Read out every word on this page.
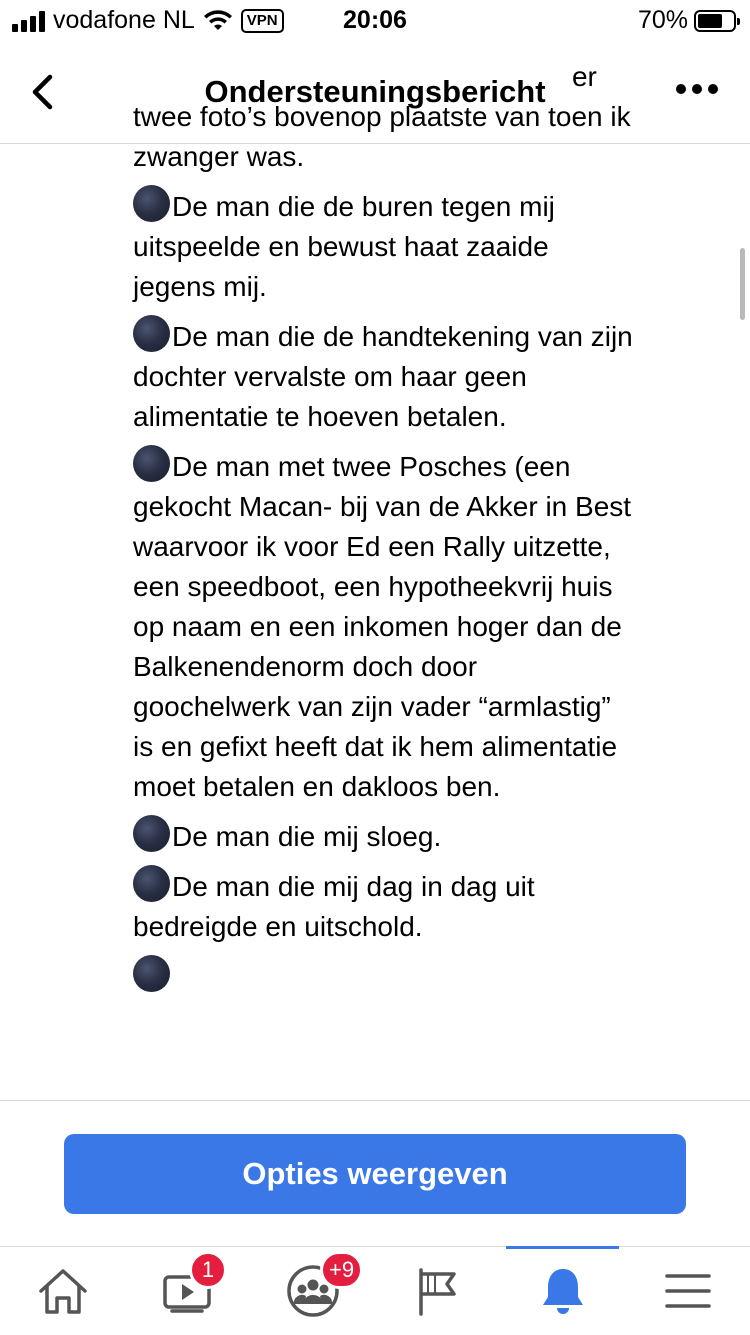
vodafone NL	VPN	20:06	70%
Ondersteuningsbericht er twee foto’s bovenop plaatste van toen ik zwanger was.

De man die de buren tegen mij uitspeelde en bewust haat zaaide jegens mij.

De man die de handtekening van zijn dochter vervalste om haar geen alimentatie te hoeven betalen.

De man met twee Posches (een gekocht Macan- bij van de Akker in Best waarvoor ik voor Ed een Rally uitzette, een speedboot, een hypotheekvrij huis op naam en een inkomen hoger dan de Balkenendenorm doch door goochelwerk van zijn vader “armlastig” is en gefixt heeft dat ik hem alimentatie moet betalen en dakloos ben.

De man die mij sloeg.

De man die mij dag in dag uit bedreigde en uitschold.

Opties weergeven
1	+9
